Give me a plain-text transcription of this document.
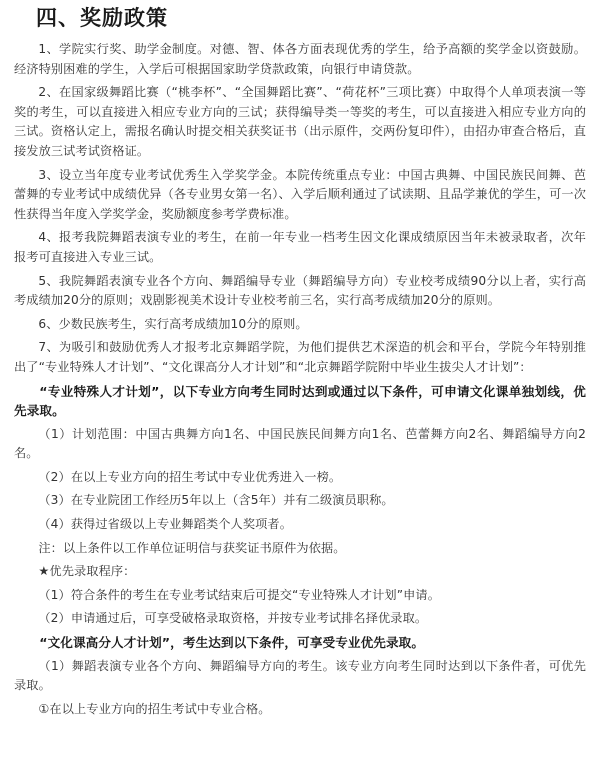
四、奖励政策

1、学院实行奖、助学金制度。对德、智、体各方面表现优秀的学生，给予高额的奖学金以资鼓励。经济特别困难的学生，入学后可根据国家助学贷款政策，向银行申请贷款。

2、在国家级舞蹈比赛（“桃李杯”、“全国舞蹈比赛”、“荷花杯”三项比赛）中取得个人单项表演一等奖的考生，可以直接进入相应专业方向的三试；获得编导类一等奖的考生，可以直接进入相应专业方向的三试。资格认定上，需报名确认时提交相关获奖证书（出示原件，交两份复印件），由招办审查合格后，直接发放三试考试资格证。

3、设立当年度专业考试优秀生入学奖学金。本院传统重点专业：中国古典舞、中国民族民间舞、芭蕾舞的专业考试中成绩优异（各专业男女第一名）、入学后顺利通过了试读期、且品学兼优的学生，可一次性获得当年度入学奖学金，奖励额度参考学费标准。

4、报考我院舞蹈表演专业的考生，在前一年专业一档考生因文化课成绩原因当年未被录取者，次年报考可直接进入专业三试。

5、我院舞蹈表演专业各个方向、舞蹈编导专业（舞蹈编导方向）专业校考成绩90分以上者，实行高考成绩加20分的原则；戏剧影视美术设计专业校考前三名，实行高考成绩加20分的原则。

6、少数民族考生，实行高考成绩加10分的原则。

7、为吸引和鼓励优秀人才报考北京舞蹈学院，为他们提供艺术深造的机会和平台，学院今年特别推出了“专业特殊人才计划”、“文化课高分人才计划”和“北京舞蹈学院附中毕业生拔尖人才计划”：

“专业特殊人才计划”，以下专业方向考生同时达到或通过以下条件，可申请文化课单独划线，优先录取。

（1）计划范围：中国古典舞方向1名、中国民族民间舞方向1名、芭蕾舞方向2名、舞蹈编导方向2名。

（2）在以上专业方向的招生考试中专业优秀进入一榜。

（3）在专业院团工作经历5年以上（含5年）并有二级演员职称。

（4）获得过省级以上专业舞蹈类个人奖项者。

注：以上条件以工作单位证明信与获奖证书原件为依据。

★优先录取程序：

（1）符合条件的考生在专业考试结束后可提交“专业特殊人才计划”申请。

（2）申请通过后，可享受破格录取资格，并按专业考试排名择优录取。

“文化课高分人才计划”，考生达到以下条件，可享受专业优先录取。

（1）舞蹈表演专业各个方向、舞蹈编导方向的考生。该专业方向考生同时达到以下条件者，可优先录取。

①在以上专业方向的招生考试中专业合格。
